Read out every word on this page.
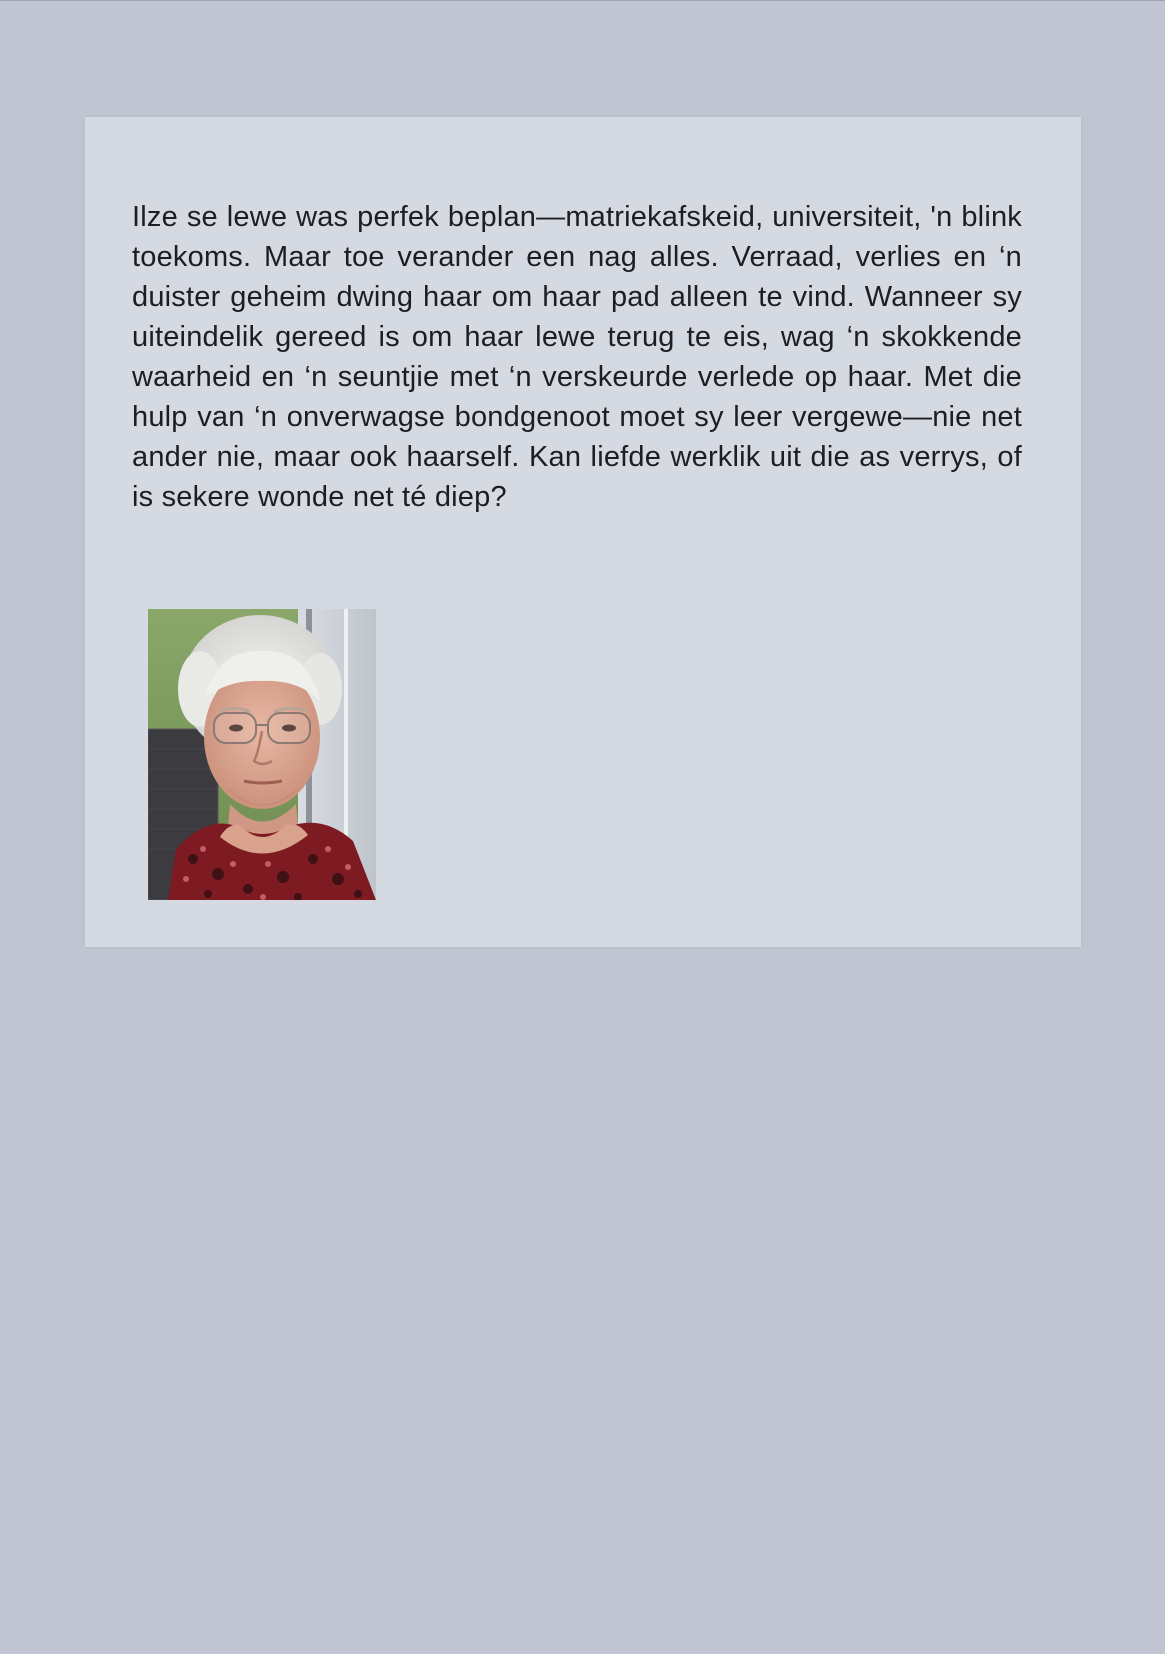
Ilze se lewe was perfek beplan—matriekafskeid, universiteit, 'n blink toekoms. Maar toe verander een nag alles. Verraad, verlies en ‘n duister geheim dwing haar om haar pad alleen te vind. Wanneer sy uiteindelik gereed is om haar lewe terug te eis, wag ‘n skokkende waarheid en ‘n seuntjie met ‘n verskeurde verlede op haar. Met die hulp van ‘n onverwagse bondgenoot moet sy leer vergewe—nie net ander nie, maar ook haarself. Kan liefde werklik uit die as verrys, of is sekere wonde net té diep?
